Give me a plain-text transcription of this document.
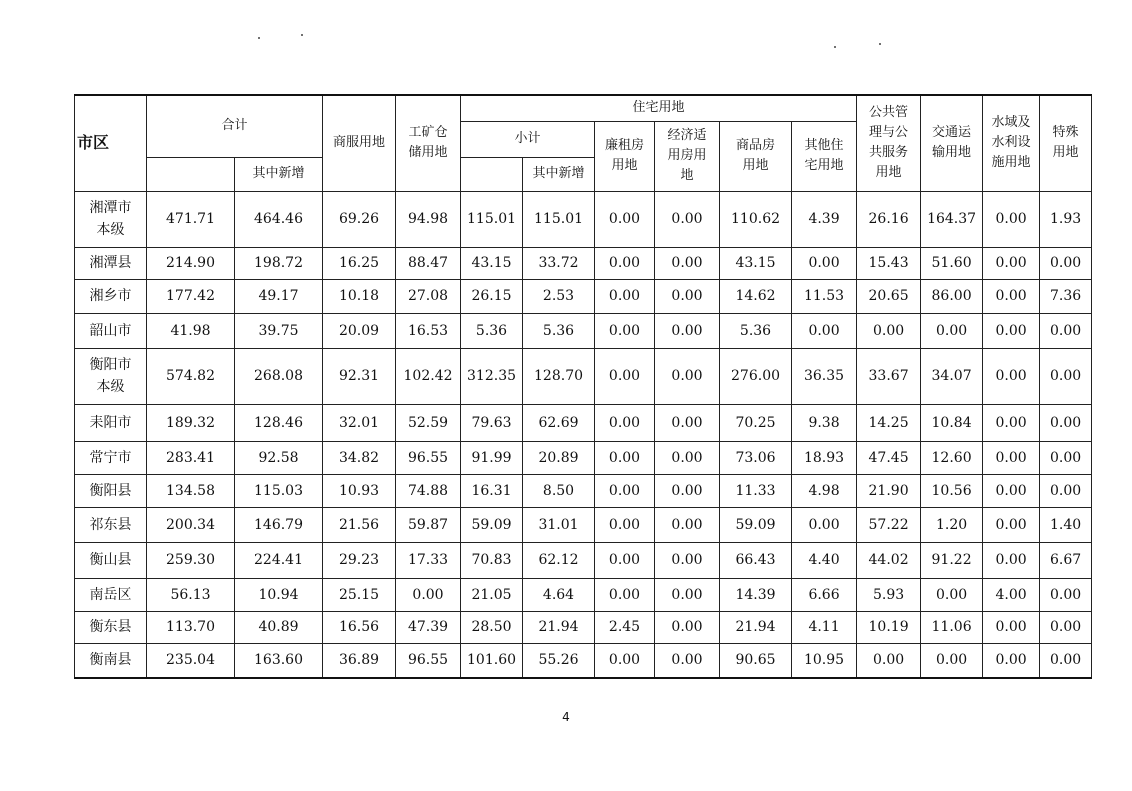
市区	合计		商服用地	工矿仓储用地	住宅用地						公共管理与公共服务用地	交通运输用地	水域及水利设施用地	特殊用地

					小计		廉租房用地	经济适用房用地	商品房用地	其他住宅用地				

		其中新增				其中新增								

湘潭市本级	471.71	464.46	69.26	94.98	115.01	115.01	0.00	0.00	110.62	4.39	26.16	164.37	0.00	1.93

湘潭县	214.90	198.72	16.25	88.47	43.15	33.72	0.00	0.00	43.15	0.00	15.43	51.60	0.00	0.00

湘乡市	177.42	49.17	10.18	27.08	26.15	2.53	0.00	0.00	14.62	11.53	20.65	86.00	0.00	7.36

韶山市	41.98	39.75	20.09	16.53	5.36	5.36	0.00	0.00	5.36	0.00	0.00	0.00	0.00	0.00

衡阳市本级	574.82	268.08	92.31	102.42	312.35	128.70	0.00	0.00	276.00	36.35	33.67	34.07	0.00	0.00

耒阳市	189.32	128.46	32.01	52.59	79.63	62.69	0.00	0.00	70.25	9.38	14.25	10.84	0.00	0.00

常宁市	283.41	92.58	34.82	96.55	91.99	20.89	0.00	0.00	73.06	18.93	47.45	12.60	0.00	0.00

衡阳县	134.58	115.03	10.93	74.88	16.31	8.50	0.00	0.00	11.33	4.98	21.90	10.56	0.00	0.00

祁东县	200.34	146.79	21.56	59.87	59.09	31.01	0.00	0.00	59.09	0.00	57.22	1.20	0.00	1.40

衡山县	259.30	224.41	29.23	17.33	70.83	62.12	0.00	0.00	66.43	4.40	44.02	91.22	0.00	6.67

南岳区	56.13	10.94	25.15	0.00	21.05	4.64	0.00	0.00	14.39	6.66	5.93	0.00	4.00	0.00

衡东县	113.70	40.89	16.56	47.39	28.50	21.94	2.45	0.00	21.94	4.11	10.19	11.06	0.00	0.00

衡南县	235.04	163.60	36.89	96.55	101.60	55.26	0.00	0.00	90.65	10.95	0.00	0.00	0.00	0.00
4
